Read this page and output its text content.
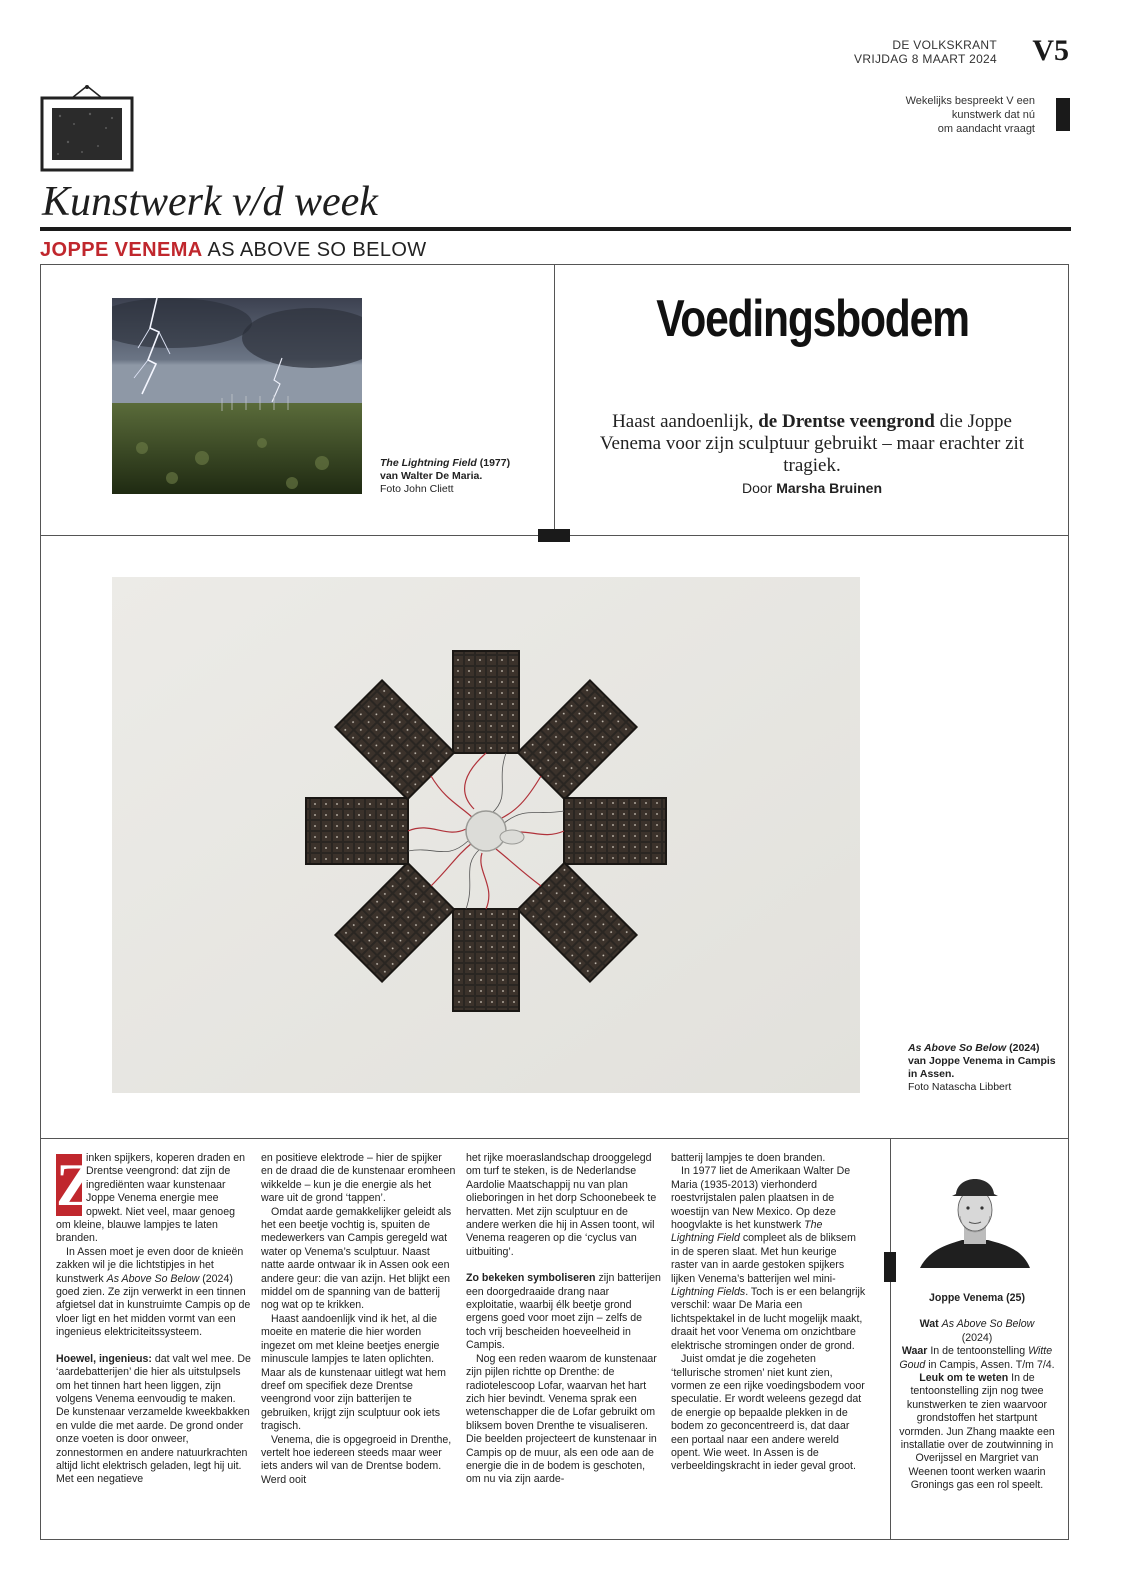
DE VOLKSKRANT
VRIJDAG 8 MAART 2024 V5
Wekelijks bespreekt V een
kunstwerk dat nú
om aandacht vraagt
Kunstwerk v/d week
JOPPE VENEMA AS ABOVE SO BELOW
The Lightning Field (1977)
van Walter De Maria.
Foto John Cliett
Voedingsbodem
Haast aandoenlijk, de Drentse veengrond die Joppe Venema voor zijn sculptuur gebruikt – maar erachter zit tragiek.
Door Marsha Bruinen
As Above So Below (2024)
van Joppe Venema in Campis in Assen.
Foto Natascha Libbert
Z

inken spijkers, koperen draden en Drentse veengrond: dat zijn de ingrediënten waar kunstenaar Joppe Venema energie mee opwekt. Niet veel, maar genoeg om kleine, blauwe lampjes te laten branden.

In Assen moet je even door de knieën zakken wil je die lichtstipjes in het kunstwerk As Above So Below (2024) goed zien. Ze zijn verwerkt in een tinnen afgietsel dat in kunstruimte Campis op de vloer ligt en het midden vormt van een ingenieus elektriciteitssysteem.

Hoewel, ingenieus: dat valt wel mee. De ‘aardebatterijen’ die hier als uitstulpsels om het tinnen hart heen liggen, zijn volgens Venema eenvoudig te maken. De kunstenaar verzamelde kweekbakken en vulde die met aarde. De grond onder onze voeten is door onweer, zonnestormen en andere natuurkrachten altijd licht elektrisch geladen, legt hij uit. Met een negatieve

en positieve elektrode – hier de spijker en de draad die de kunstenaar eromheen wikkelde – kun je die energie als het ware uit de grond ‘tappen’.

Omdat aarde gemakkelijker geleidt als het een beetje vochtig is, spuiten de medewerkers van Campis geregeld wat water op Venema’s sculptuur. Naast natte aarde ontwaar ik in Assen ook een andere geur: die van azijn. Het blijkt een middel om de spanning van de batterij nog wat op te krikken.

Haast aandoenlijk vind ik het, al die moeite en materie die hier worden ingezet om met kleine beetjes energie minuscule lampjes te laten oplichten. Maar als de kunstenaar uitlegt wat hem dreef om specifiek deze Drentse veengrond voor zijn batterijen te gebruiken, krijgt zijn sculptuur ook iets tragisch.

Venema, die is opgegroeid in Drenthe, vertelt hoe iedereen steeds maar weer iets anders wil van de Drentse bodem. Werd ooit

het rijke moeraslandschap drooggelegd om turf te steken, is de Nederlandse Aardolie Maatschappij nu van plan olieboringen in het dorp Schoonebeek te hervatten. Met zijn sculptuur en de andere werken die hij in Assen toont, wil Venema reageren op die ‘cyclus van uitbuiting’.

Zo bekeken symboliseren zijn batterijen een doorgedraaide drang naar exploitatie, waarbij élk beetje grond ergens goed voor moet zijn – zelfs de toch vrij bescheiden hoeveelheid in Campis.

Nog een reden waarom de kunstenaar zijn pijlen richtte op Drenthe: de radiotelescoop Lofar, waarvan het hart zich hier bevindt. Venema sprak een wetenschapper die de Lofar gebruikt om bliksem boven Drenthe te visualiseren. Die beelden projecteert de kunstenaar in Campis op de muur, als een ode aan de energie die in de bodem is geschoten, om nu via zijn aarde-

batterij lampjes te doen branden.

In 1977 liet de Amerikaan Walter De Maria (1935-2013) vierhonderd roestvrijstalen palen plaatsen in de woestijn van New Mexico. Op deze hoogvlakte is het kunstwerk The Lightning Field compleet als de bliksem in de speren slaat. Met hun keurige raster van in aarde gestoken spijkers lijken Venema’s batterijen wel mini-Lightning Fields. Toch is er een belangrijk verschil: waar De Maria een lichtspektakel in de lucht mogelijk maakt, draait het voor Venema om onzichtbare elektrische stromingen onder de grond.

Juist omdat je die zogeheten ‘tellurische stromen’ niet kunt zien, vormen ze een rijke voedingsbodem voor speculatie. Er wordt weleens gezegd dat de energie op bepaalde plekken in de bodem zo geconcentreerd is, dat daar een portaal naar een andere wereld opent. Wie weet. In Assen is de verbeeldingskracht in ieder geval groot.

Joppe Venema (25)

Wat As Above So Below
(2024)
Waar In de tentoonstelling Witte Goud in Campis, Assen. T/m 7/4.
Leuk om te weten In de tentoonstelling zijn nog twee kunstwerken te zien waarvoor grondstoffen het startpunt vormden. Jun Zhang maakte een installatie over de zoutwinning in Overijssel en Margriet van Weenen toont werken waarin Gronings gas een rol speelt.
